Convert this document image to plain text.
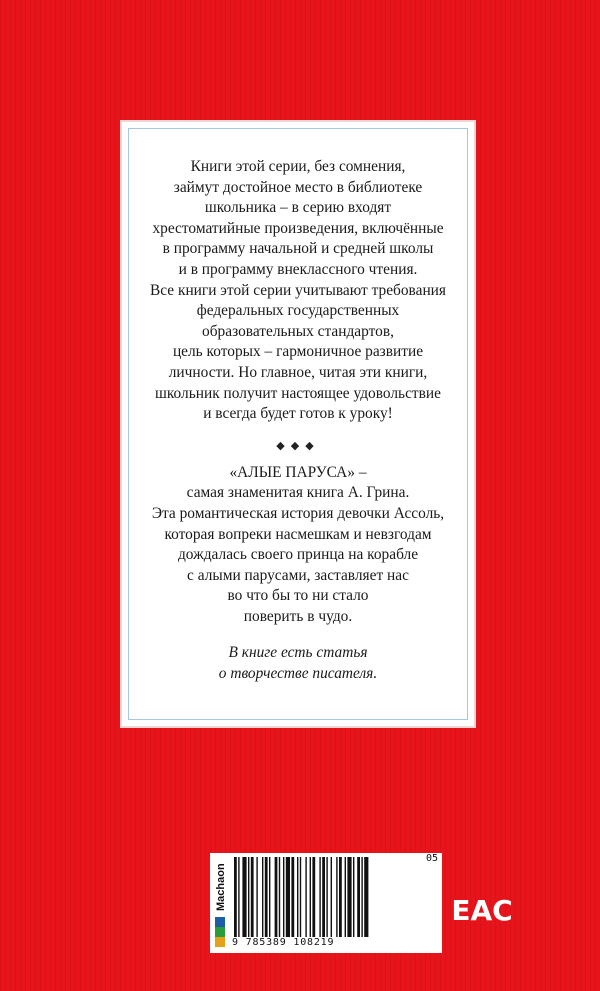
Книги этой серии, без сомнения,
займут достойное место в библиотеке
школьника – в серию входят
хрестоматийные произведения, включённые
в программу начальной и средней школы
и в программу внеклассного чтения.
Все книги этой серии учитывают требования
федеральных государственных
образовательных стандартов,
цель которых – гармоничное развитие
личности. Но главное, читая эти книги,
школьник получит настоящее удовольствие
и всегда будет готов к уроку!

◆◆◆

«АЛЫЕ ПАРУСА» –
самая знаменитая книга А. Грина.
Эта романтическая история девочки Ассоль,
которая вопреки насмешкам и невзгодам
дождалась своего принца на корабле
с алыми парусами, заставляет нас
во что бы то ни стало
поверить в чудо.

В книге есть статья
о творчестве писателя.

Machaon
9 785389 108219
05
EAC
